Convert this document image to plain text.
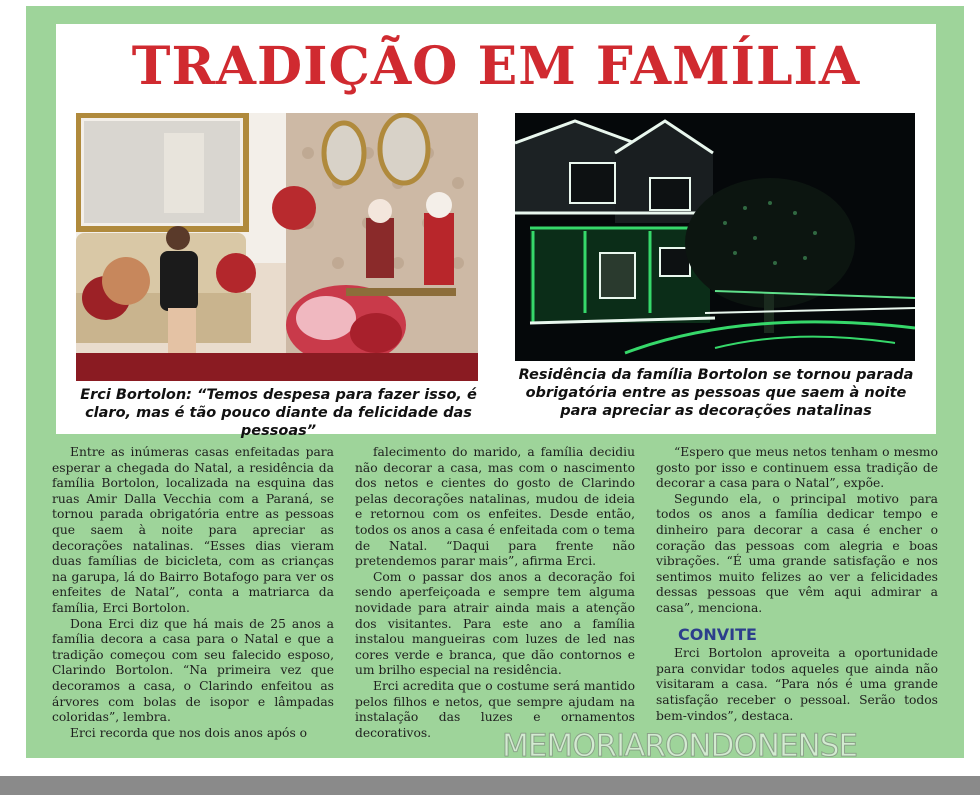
TRADIÇÃO EM FAMÍLIA

Erci Bortolon: “Temos despesa para fazer isso, é claro, mas é tão pouco diante da felicidade das pessoas”

Residência da família Bortolon se tornou parada obrigatória entre as pessoas que saem à noite para apreciar as decorações natalinas

Entre as inúmeras casas enfeitadas para esperar a chegada do Natal, a residência da família Bortolon, localizada na esquina das ruas Amir Dalla Vecchia com a Paraná, se tornou parada obrigatória entre as pessoas que saem à noite para apreciar as decorações natalinas. “Esses dias vieram duas famílias de bicicleta, com as crianças na garupa, lá do Bairro Botafogo para ver os enfeites de Natal”, conta a matriarca da família, Erci Bortolon.

Dona Erci diz que há mais de 25 anos a família decora a casa para o Natal e que a tradição começou com seu falecido esposo, Clarindo Bortolon. “Na primeira vez que decoramos a casa, o Clarindo enfeitou as árvores com bolas de isopor e lâmpadas coloridas”, lembra.

Erci recorda que nos dois anos após o

falecimento do marido, a família decidiu não decorar a casa, mas com o nascimento dos netos e cientes do gosto de Clarindo pelas decorações natalinas, mudou de ideia e retornou com os enfeites. Desde então, todos os anos a casa é enfeitada com o tema de Natal. “Daqui para frente não pretendemos parar mais”, afirma Erci.

Com o passar dos anos a decoração foi sendo aperfeiçoada e sempre tem alguma novidade para atrair ainda mais a atenção dos visitantes. Para este ano a família instalou mangueiras com luzes de led nas cores verde e branca, que dão contornos e um brilho especial na residência.

Erci acredita que o costume será mantido pelos filhos e netos, que sempre ajudam na instalação das luzes e ornamentos decorativos.

“Espero que meus netos tenham o mesmo gosto por isso e continuem essa tradição de decorar a casa para o Natal”, expõe.

Segundo ela, o principal motivo para todos os anos a família dedicar tempo e dinheiro para decorar a casa é encher o coração das pessoas com alegria e boas vibrações. “É uma grande satisfação e nos sentimos muito felizes ao ver a felicidades dessas pessoas que vêm aqui admirar a casa”, menciona.

CONVITE

Erci Bortolon aproveita a oportunidade para convidar todos aqueles que ainda não visitaram a casa. “Para nós é uma grande satisfação receber o pessoal. Serão todos bem-vindos”, destaca.

MEMORIARONDONENSE
